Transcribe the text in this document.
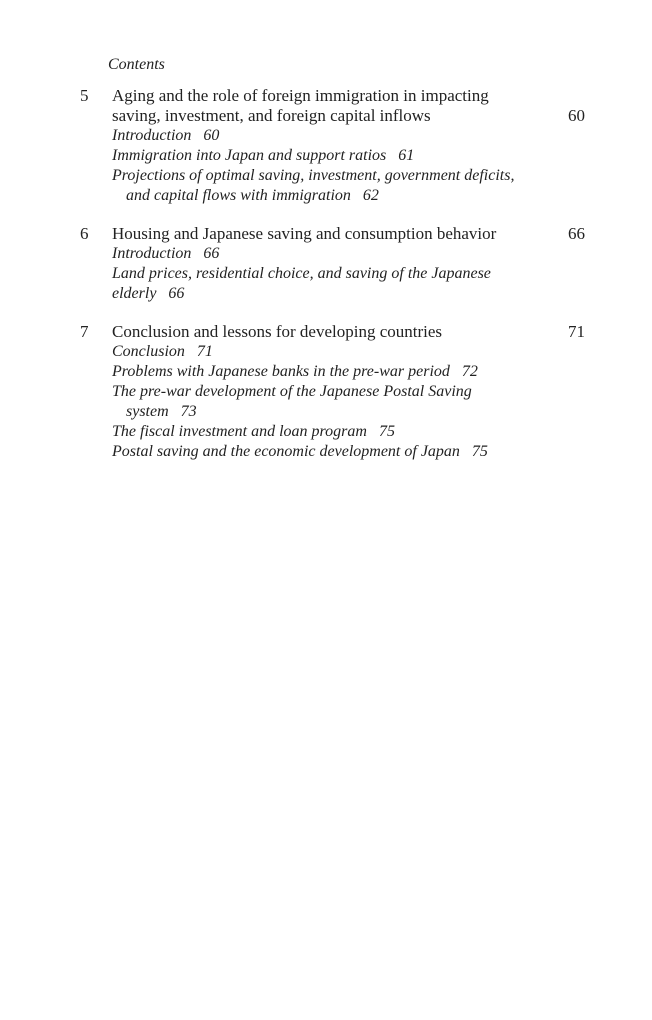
Contents
5	Aging and the role of foreign immigration in impacting saving, investment, and foreign capital inflows	60
Introduction 60
Immigration into Japan and support ratios 61
Projections of optimal saving, investment, government deficits, and capital flows with immigration 62
6	Housing and Japanese saving and consumption behavior	66
Introduction 66
Land prices, residential choice, and saving of the Japanese elderly 66
7	Conclusion and lessons for developing countries	71
Conclusion 71
Problems with Japanese banks in the pre-war period 72
The pre-war development of the Japanese Postal Saving system 73
The fiscal investment and loan program 75
Postal saving and the economic development of Japan 75
